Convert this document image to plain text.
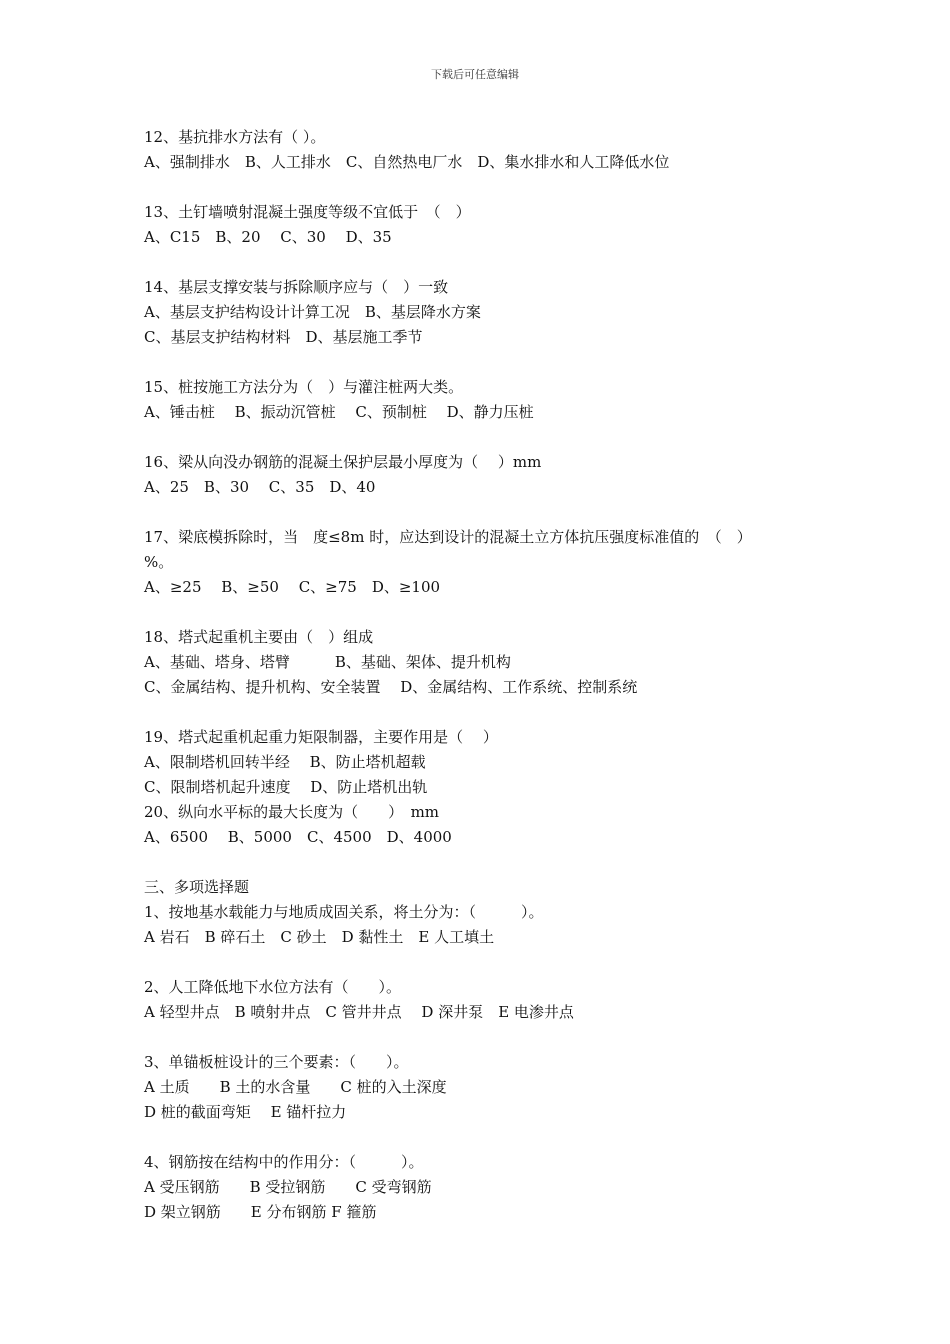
下载后可任意编辑
12、基抗排水方法有（ ）。
A、强制排水　B、人工排水　C、自然热电厂水　D、集水排水和人工降低水位
13、土钉墙喷射混凝土强度等级不宜低于　（　）
A、C15　B、20　 C、30　 D、35
14、基层支撑安装与拆除顺序应与（　）一致
A、基层支护结构设计计算工况　B、基层降水方案
C、基层支护结构材料　D、基层施工季节
15、桩按施工方法分为（　）与灌注桩两大类。
A、锤击桩　 B、振动沉管桩　 C、预制桩　 D、静力压桩
16、梁从向没办钢筋的混凝土保护层最小厚度为（　 ）mm
A、25　B、30　 C、35　D、40
17、梁底模拆除时，当　度≤8m 时，应达到设计的混凝土立方体抗压强度标准值的　（　）
%。
A、≥25　 B、≥50　 C、≥75　D、≥100
18、塔式起重机主要由（　）组成
A、基础、塔身、塔臂　　　B、基础、架体、提升机构
C、金属结构、提升机构、安全装置　 D、金属结构、工作系统、控制系统
19、塔式起重机起重力矩限制器，主要作用是（　 ）
A、限制塔机回转半经　 B、防止塔机超载
C、限制塔机起升速度　 D、防止塔机出轨
20、纵向水平标的最大长度为（　　）　mm
A、6500　 B、5000　C、4500　D、4000
三、多项选择题
1、按地基水载能力与地质成固关系，将土分为：（　　　）。
A 岩石　B 碎石土　C 砂土　D 黏性土　E 人工填土
2、人工降低地下水位方法有（　　）。
A 轻型井点　B 喷射井点　C 管井井点　 D 深井泵　E 电渗井点
3、单锚板桩设计的三个要素：（　　）。
A 土质　　B 土的水含量　　C 桩的入土深度
D 桩的截面弯矩　 E 锚杆拉力
4、钢筋按在结构中的作用分：（　　　）。
A 受压钢筋　　B 受拉钢筋　　C 受弯钢筋
D 架立钢筋　　E 分布钢筋 F 箍筋
